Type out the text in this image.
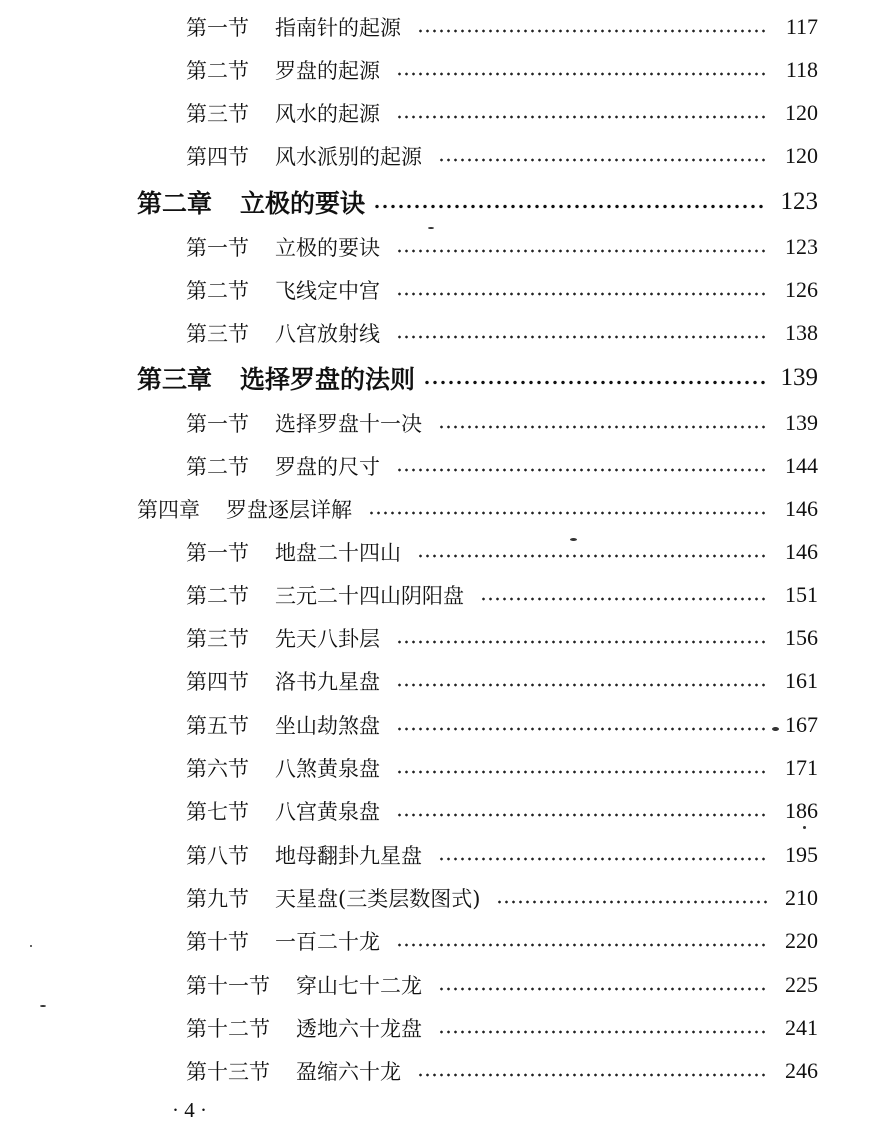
第一节 指南针的起源	117
第二节 罗盘的起源	118
第三节 风水的起源	120
第四节 风水派别的起源	120
第二章 立极的要诀	123
第一节 立极的要诀	123
第二节 飞线定中宫	126
第三节 八宫放射线	138
第三章 选择罗盘的法则	139
第一节 选择罗盘十一决	139
第二节 罗盘的尺寸	144
第四章 罗盘逐层详解	146
第一节 地盘二十四山	146
第二节 三元二十四山阴阳盘	151
第三节 先天八卦层	156
第四节 洛书九星盘	161
第五节 坐山劫煞盘	167
第六节 八煞黄泉盘	171
第七节 八宫黄泉盘	186
第八节 地母翻卦九星盘	195
第九节 天星盘(三类层数图式)	210
第十节 一百二十龙	220
第十一节 穿山七十二龙	225
第十二节 透地六十龙盘	241
第十三节 盈缩六十龙	246
· 4 ·
